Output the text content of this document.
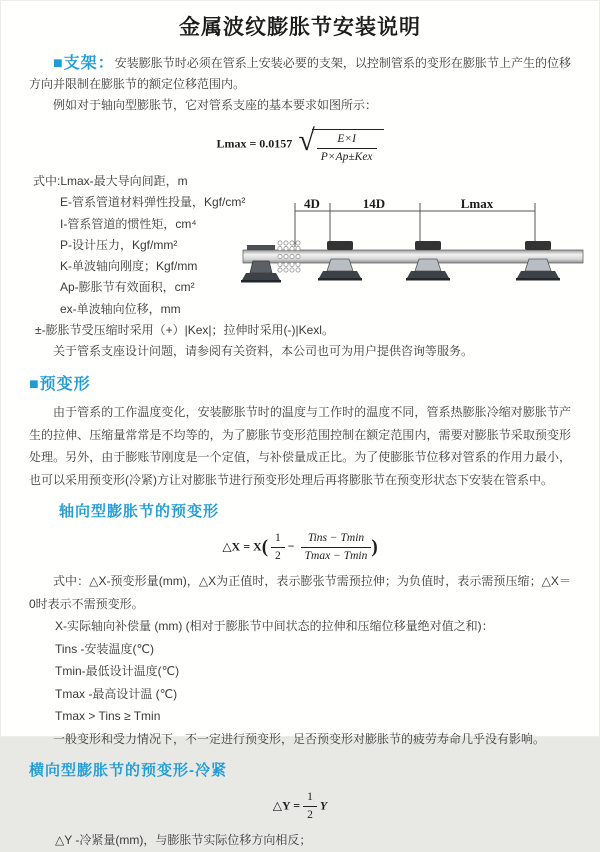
金属波纹膨胀节安装说明

■支架：安装膨胀节时必须在管系上安装必要的支架，以控制管系的变形在膨胀节上产生的位移方向并限制在膨胀节的额定位移范围内。

例如对于轴向型膨胀节，它对管系支座的基本要求如图所示：

Lmax = 0.0157 √ $\frac{E\times I}{\text{P×Ap±Kex}}$
式中:Lmax-最大导向间距，m
E-管系管道材料弹性投量，Kgf/cm²
I-管系管道的惯性矩，cm⁴
P-设计压力，Kgf/mm²
K-单波轴向刚度；Kgf/mm
Ap-膨胀节有效面积，cm²
ex-单波轴向位移，mm
±-膨胀节受压缩时采用（+）|Kex|；拉伸时采用(-)|Kexl。
关于管系支座设计问题，请参阅有关资料，本公司也可为用户提供咨询等服务。
4D	14D	Lmax
■预变形

由于管系的工作温度变化，安装膨胀节时的温度与工作时的温度不同，管系热膨胀冷缩对膨胀节产生的拉伸、压缩量常常是不均等的，为了膨胀节变形范围控制在额定范围内，需要对膨胀节采取预变形处理。另外，由于膨账节刚度是一个定值，与补偿量成正比。为了使膨胀节位移对管系的作用力最小，也可以采用预变形(冷紧)方让对膨胀节进行预变形处理后再将膨胀节在预变形状态下安装在管系中。

轴向型膨胀节的预变形
△X = $X( \frac{1}{2} - \frac{\text{Tins − Tmin}}{Tmax - Tmin}$ )

式中：△X-预变形量(mm)，△X为正值时，表示膨张节需预拉伸；为负值时，表示需预压缩；△X＝0时表示不需预变形。

X-实际轴向补偿量 (mm) (相对于膨胀节中间状态的拉伸和压缩位移量绝对值之和)：

Tins -安装温度(℃)

Tmin-最低设计温度(℃)

Tmax -最高设计温 (℃)

Tmax > Tins ≥ Tmin

一般变形和受力情况下，不一定进行预变形，足否预变形对膨胀节的疲劳寿命几乎没有影响。

横向型膨胀节的预变形-冷紧
△Y = $\frac{1}{2}$ Y

△Y -冷紧量(mm)，与膨胀节实际位移方向相反；
